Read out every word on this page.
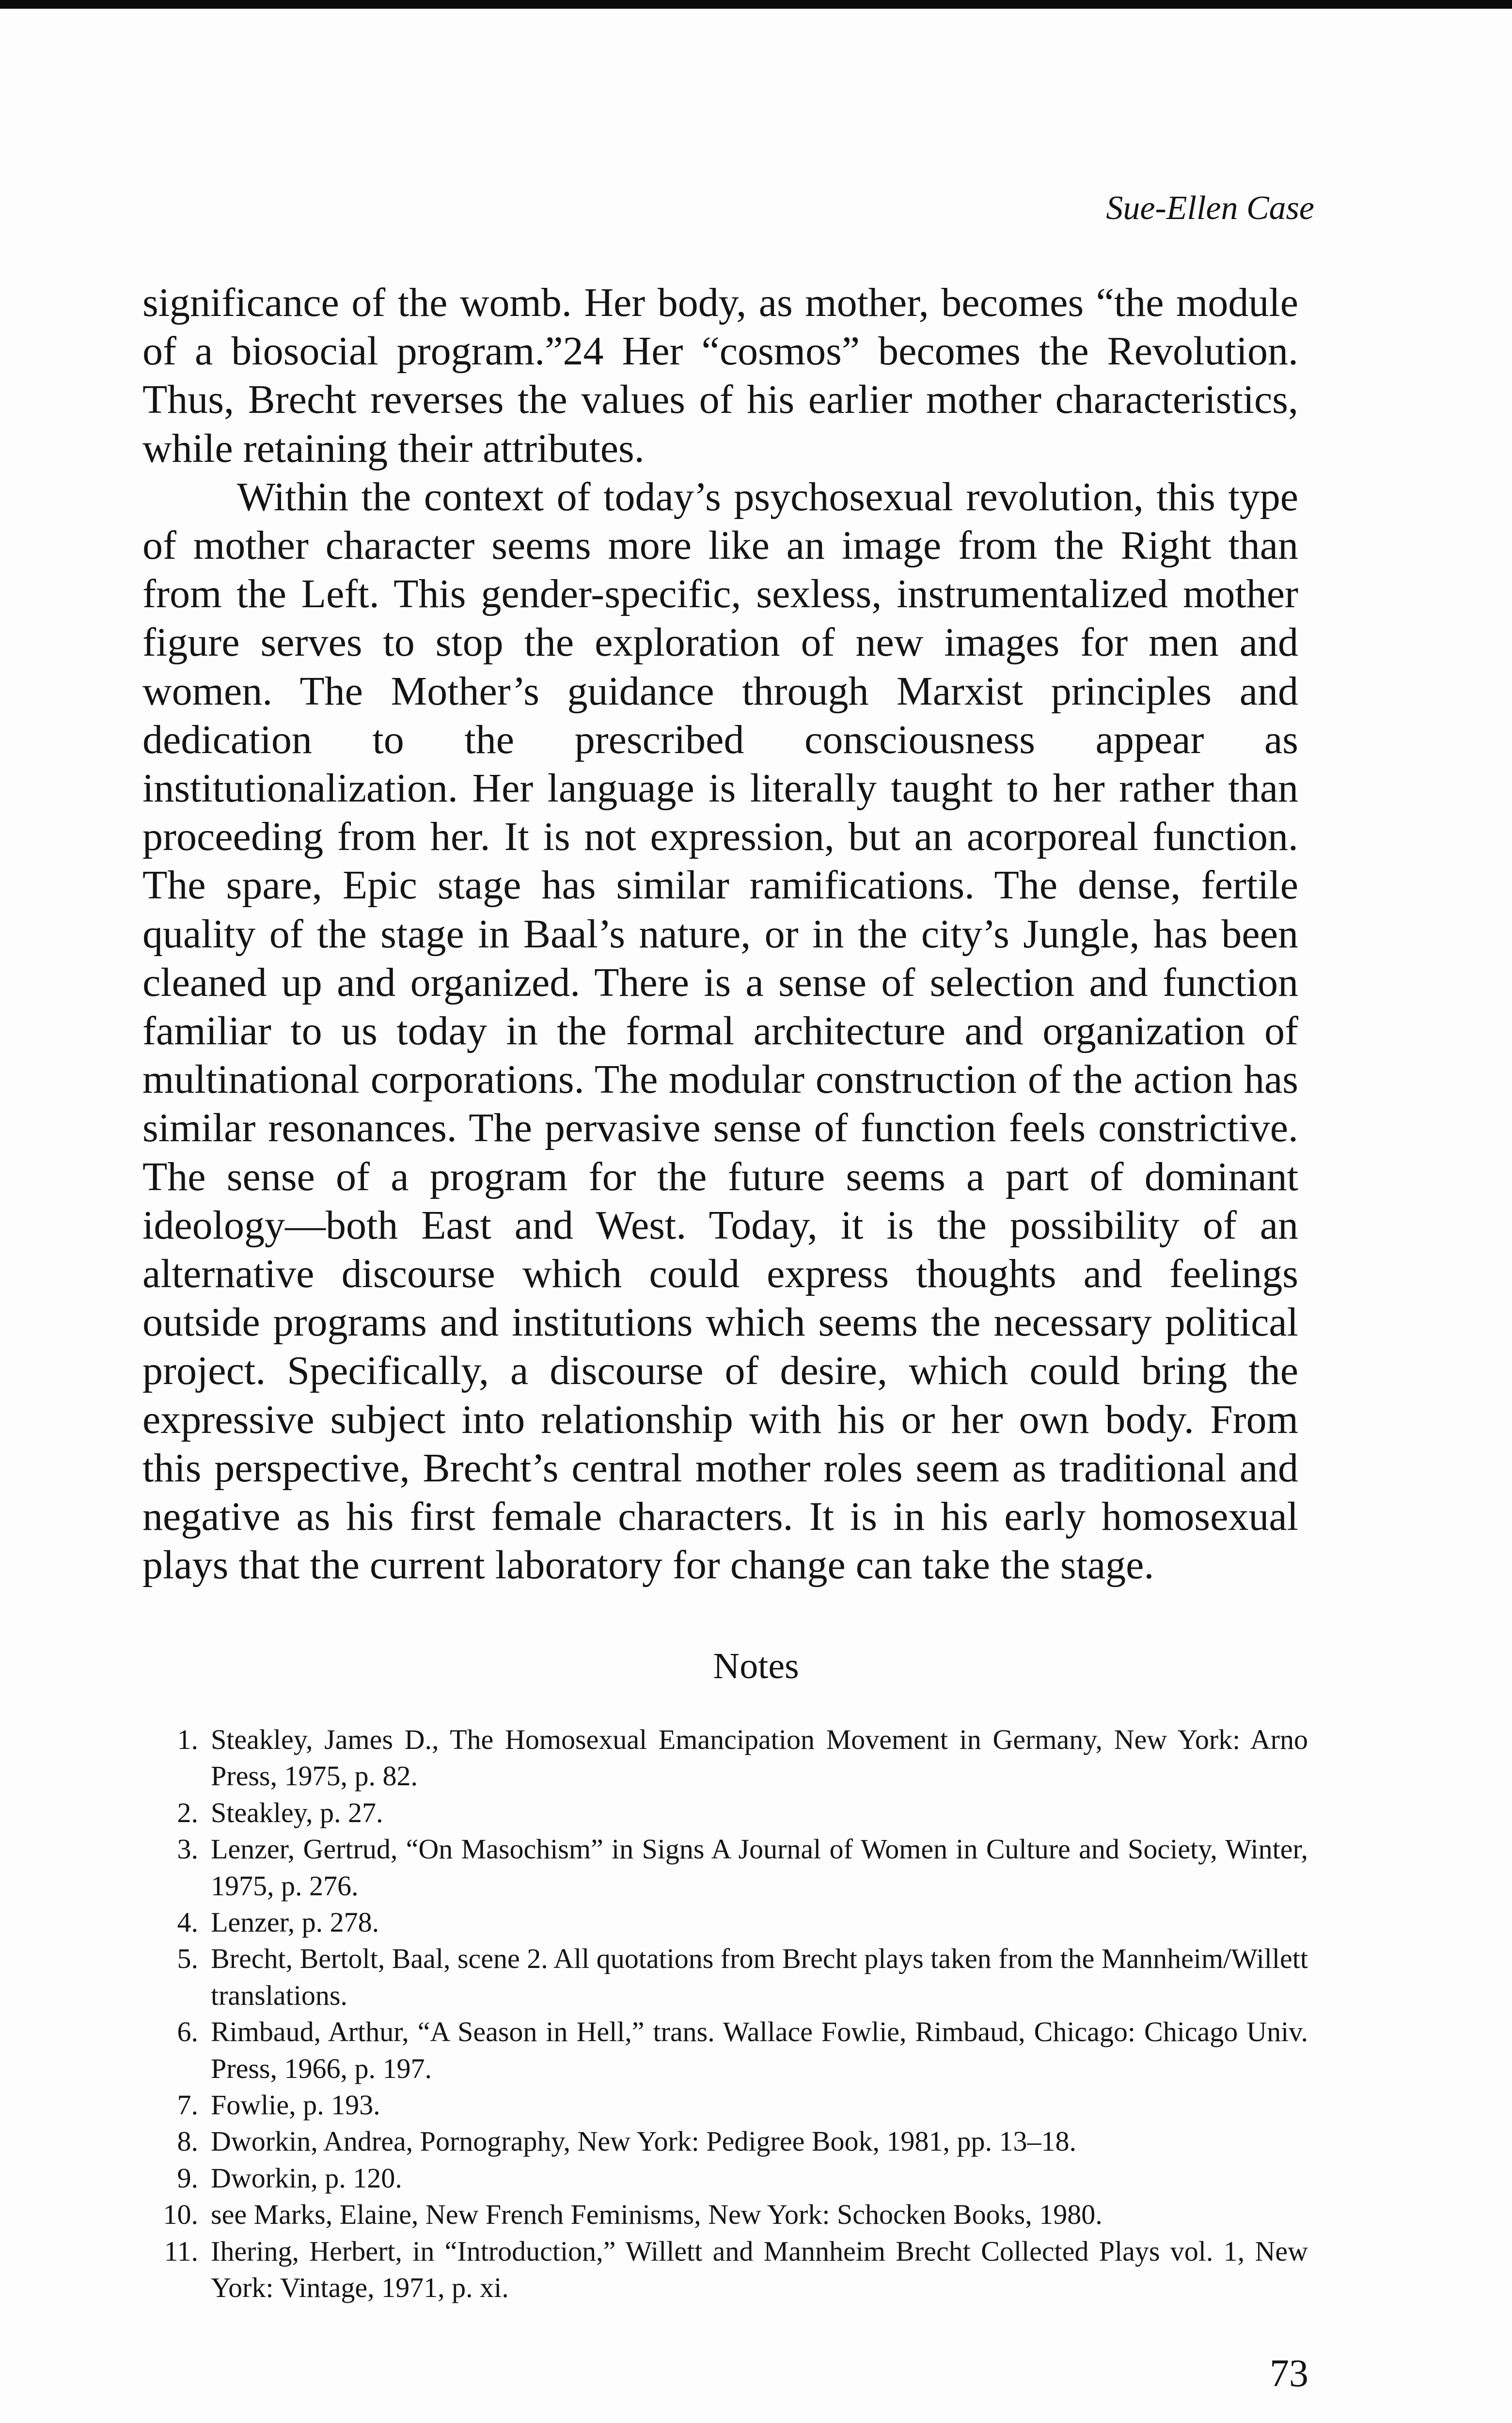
Sue-Ellen Case

significance of the womb. Her body, as mother, becomes “the module of a biosocial program.”24 Her “cosmos” becomes the Revolution. Thus, Brecht reverses the values of his earlier mother characteristics, while retaining their attributes.

Within the context of today’s psychosexual revolution, this type of mother character seems more like an image from the Right than from the Left. This gender-specific, sexless, instrumentalized mother figure serves to stop the exploration of new images for men and women. The Mother’s guidance through Marxist principles and dedication to the prescribed consciousness appear as institutionalization. Her language is literally taught to her rather than proceeding from her. It is not expression, but an acorporeal function. The spare, Epic stage has similar ramifications. The dense, fertile quality of the stage in Baal’s nature, or in the city’s Jungle, has been cleaned up and organized. There is a sense of selection and function familiar to us today in the formal architecture and organization of multinational corporations. The modular construction of the action has similar resonances. The pervasive sense of function feels constrictive. The sense of a program for the future seems a part of dominant ideology—both East and West. Today, it is the possibility of an alternative discourse which could express thoughts and feelings outside programs and institutions which seems the necessary political project. Specifically, a discourse of desire, which could bring the expressive subject into relationship with his or her own body. From this perspective, Brecht’s central mother roles seem as traditional and negative as his first female characters. It is in his early homosexual plays that the current laboratory for change can take the stage.

Notes
1. Steakley, James D., The Homosexual Emancipation Movement in Germany, New York: Arno Press, 1975, p. 82.
2. Steakley, p. 27.
3. Lenzer, Gertrud, “On Masochism” in Signs A Journal of Women in Culture and Society, Winter, 1975, p. 276.
4. Lenzer, p. 278.
5. Brecht, Bertolt, Baal, scene 2. All quotations from Brecht plays taken from the Mannheim/Willett translations.
6. Rimbaud, Arthur, “A Season in Hell,” trans. Wallace Fowlie, Rimbaud, Chicago: Chicago Univ. Press, 1966, p. 197.
7. Fowlie, p. 193.
8. Dworkin, Andrea, Pornography, New York: Pedigree Book, 1981, pp. 13–18.
9. Dworkin, p. 120.
10. see Marks, Elaine, New French Feminisms, New York: Schocken Books, 1980.
11. Ihering, Herbert, in “Introduction,” Willett and Mannheim Brecht Collected Plays vol. 1, New York: Vintage, 1971, p. xi.
73
